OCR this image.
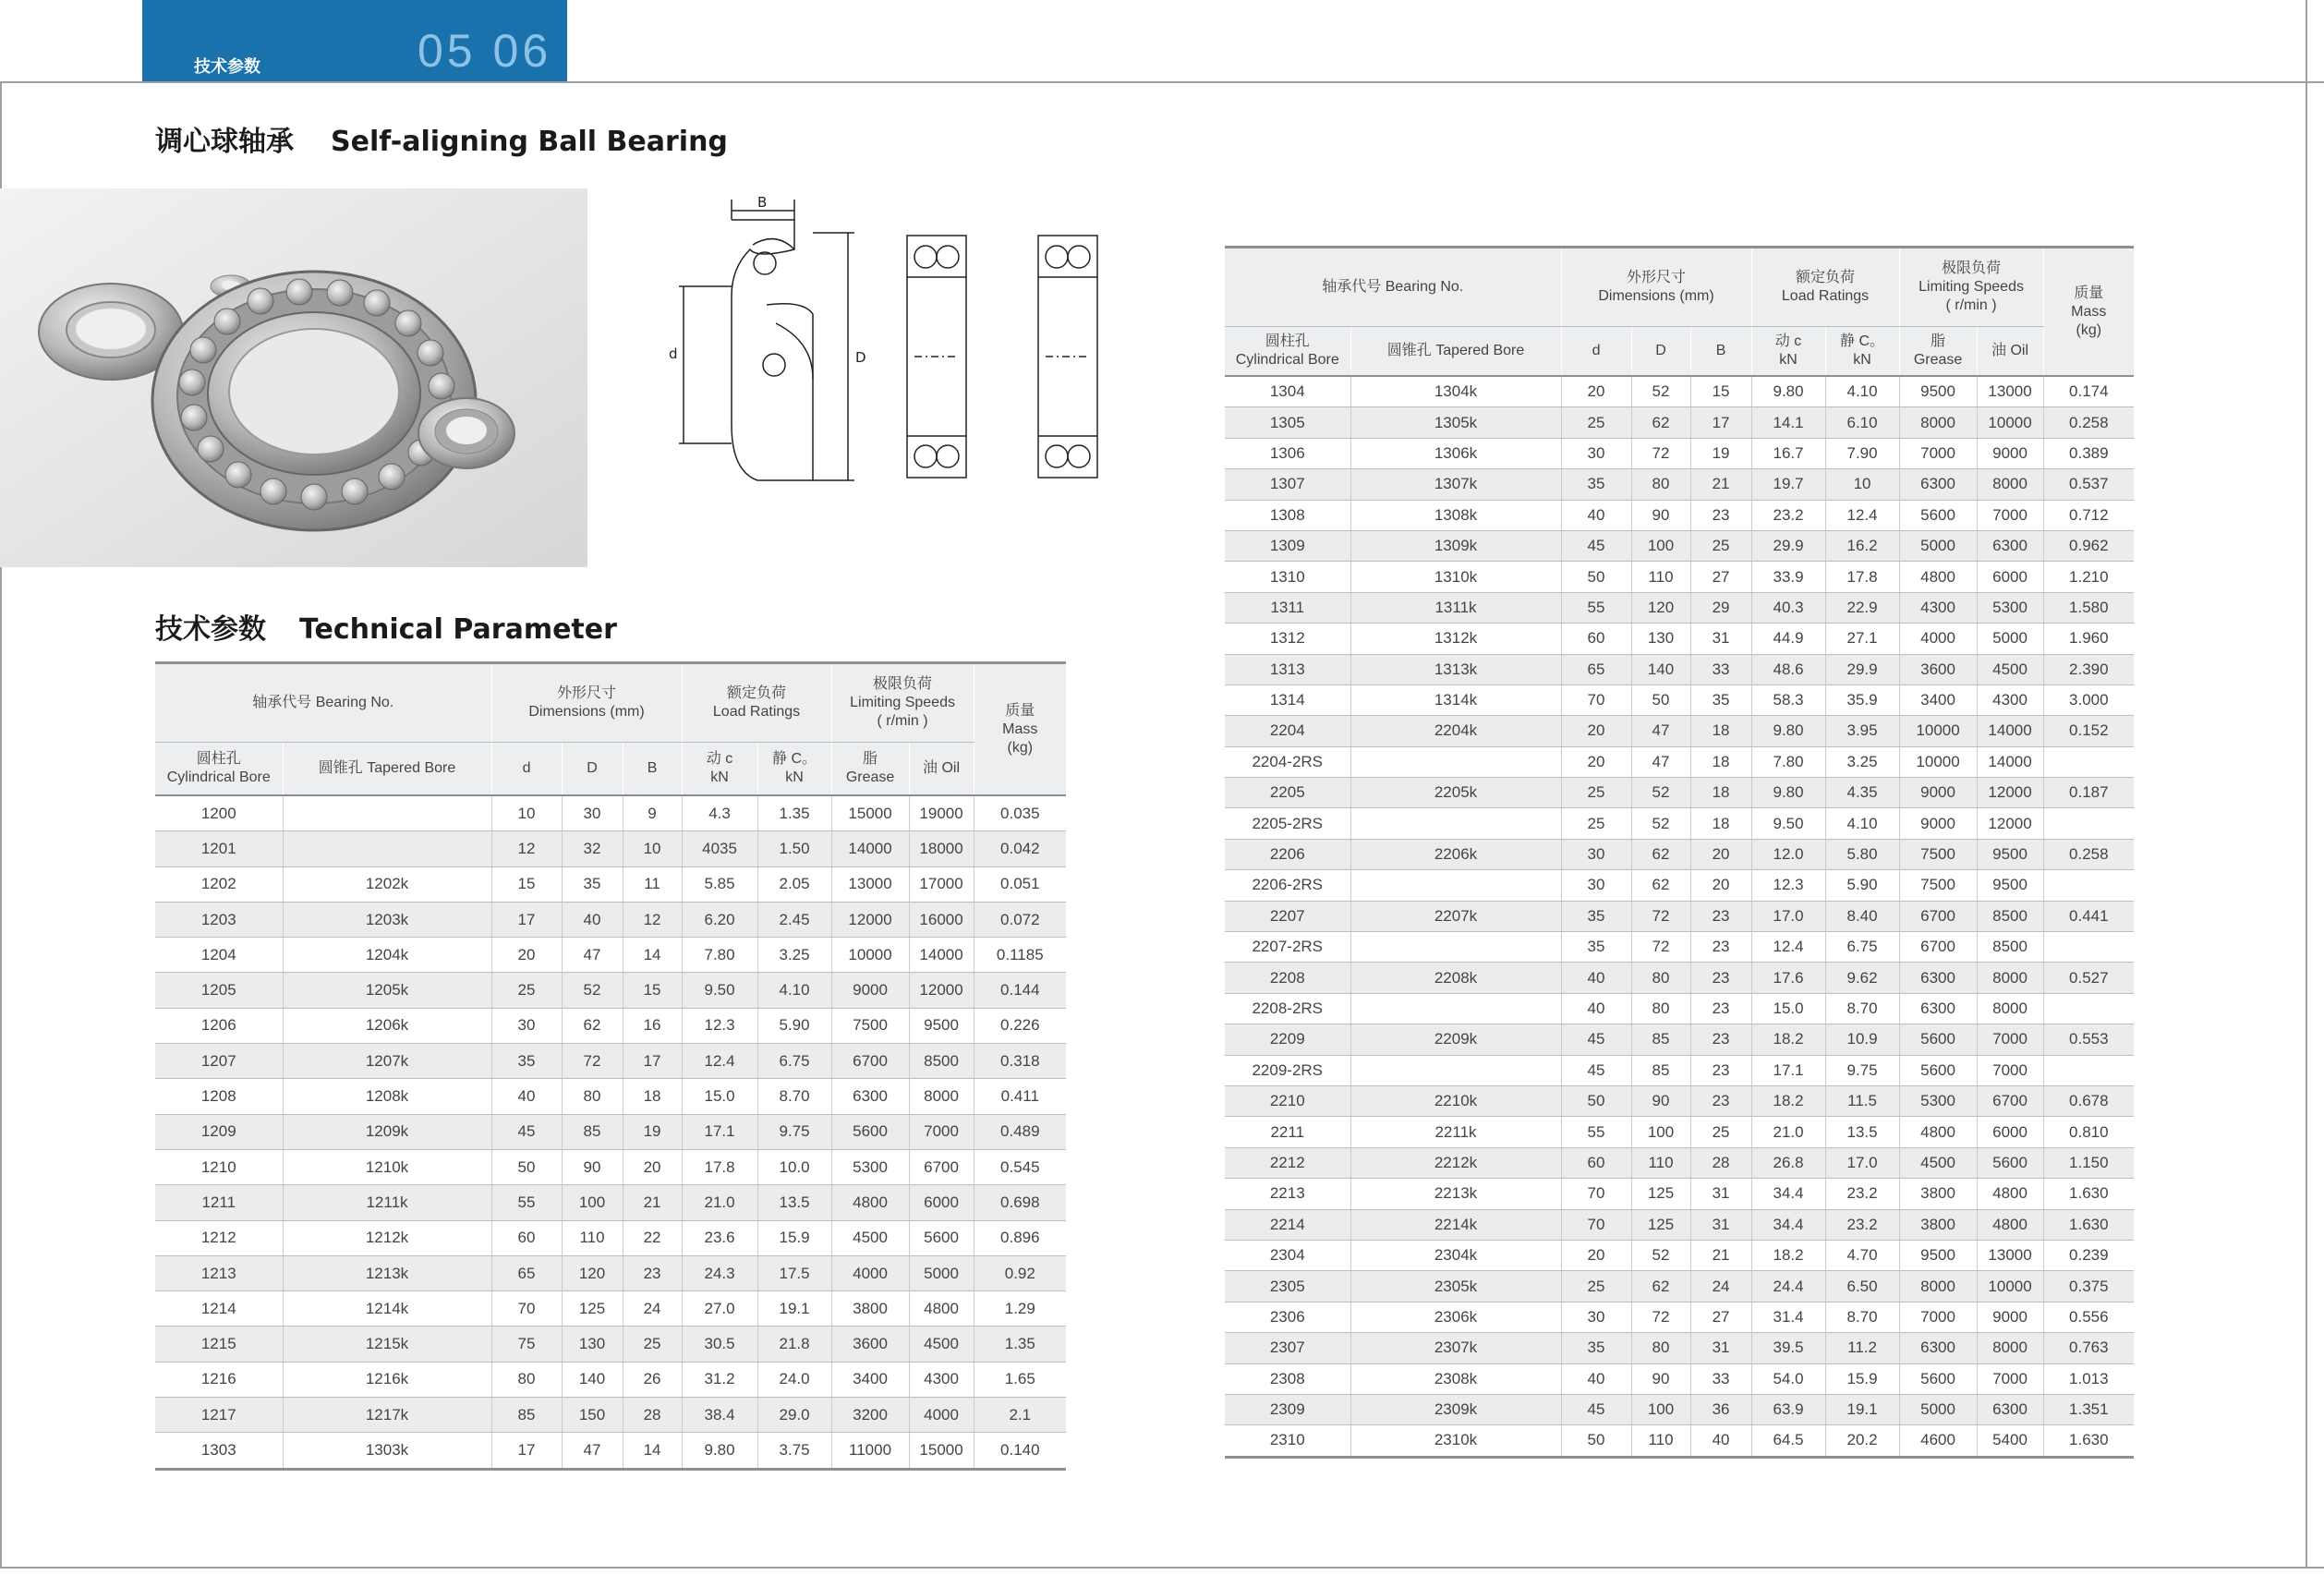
技术参数	05 06
调心球轴承 Self-aligning Ball Bearing
B
d	D
技术参数 Technical Parameter
轴承代号 Bearing No.		外形尺寸
Dimensions (mm)			额定负荷
Load Ratings		极限负荷
Limiting Speeds
( r/min )		质量
Mass
(kg)
圆柱孔
Cylindrical Bore	圆锥孔 Tapered Bore	d	D	B	动 c
kN	静 C。
kN	脂
Grease	油 Oil	
1200		10	30	9	4.3	1.35	15000	19000	0.035
1201		12	32	10	4035	1.50	14000	18000	0.042
1202	1202k	15	35	11	5.85	2.05	13000	17000	0.051
1203	1203k	17	40	12	6.20	2.45	12000	16000	0.072
1204	1204k	20	47	14	7.80	3.25	10000	14000	0.1185
1205	1205k	25	52	15	9.50	4.10	9000	12000	0.144
1206	1206k	30	62	16	12.3	5.90	7500	9500	0.226
1207	1207k	35	72	17	12.4	6.75	6700	8500	0.318
1208	1208k	40	80	18	15.0	8.70	6300	8000	0.411
1209	1209k	45	85	19	17.1	9.75	5600	7000	0.489
1210	1210k	50	90	20	17.8	10.0	5300	6700	0.545
1211	1211k	55	100	21	21.0	13.5	4800	6000	0.698
1212	1212k	60	110	22	23.6	15.9	4500	5600	0.896
1213	1213k	65	120	23	24.3	17.5	4000	5000	0.92
1214	1214k	70	125	24	27.0	19.1	3800	4800	1.29
1215	1215k	75	130	25	30.5	21.8	3600	4500	1.35
1216	1216k	80	140	26	31.2	24.0	3400	4300	1.65
1217	1217k	85	150	28	38.4	29.0	3200	4000	2.1
1303	1303k	17	47	14	9.80	3.75	11000	15000	0.140
轴承代号 Bearing No.		外形尺寸
Dimensions (mm)			额定负荷
Load Ratings		极限负荷
Limiting Speeds
( r/min )		质量
Mass
(kg)
圆柱孔
Cylindrical Bore	圆锥孔 Tapered Bore	d	D	B	动 c
kN	静 C。
kN	脂
Grease	油 Oil	
1304	1304k	20	52	15	9.80	4.10	9500	13000	0.174
1305	1305k	25	62	17	14.1	6.10	8000	10000	0.258
1306	1306k	30	72	19	16.7	7.90	7000	9000	0.389
1307	1307k	35	80	21	19.7	10	6300	8000	0.537
1308	1308k	40	90	23	23.2	12.4	5600	7000	0.712
1309	1309k	45	100	25	29.9	16.2	5000	6300	0.962
1310	1310k	50	110	27	33.9	17.8	4800	6000	1.210
1311	1311k	55	120	29	40.3	22.9	4300	5300	1.580
1312	1312k	60	130	31	44.9	27.1	4000	5000	1.960
1313	1313k	65	140	33	48.6	29.9	3600	4500	2.390
1314	1314k	70	50	35	58.3	35.9	3400	4300	3.000
2204	2204k	20	47	18	9.80	3.95	10000	14000	0.152
2204-2RS		20	47	18	7.80	3.25	10000	14000	
2205	2205k	25	52	18	9.80	4.35	9000	12000	0.187
2205-2RS		25	52	18	9.50	4.10	9000	12000	
2206	2206k	30	62	20	12.0	5.80	7500	9500	0.258
2206-2RS		30	62	20	12.3	5.90	7500	9500	
2207	2207k	35	72	23	17.0	8.40	6700	8500	0.441
2207-2RS		35	72	23	12.4	6.75	6700	8500	
2208	2208k	40	80	23	17.6	9.62	6300	8000	0.527
2208-2RS		40	80	23	15.0	8.70	6300	8000	
2209	2209k	45	85	23	18.2	10.9	5600	7000	0.553
2209-2RS		45	85	23	17.1	9.75	5600	7000	
2210	2210k	50	90	23	18.2	11.5	5300	6700	0.678
2211	2211k	55	100	25	21.0	13.5	4800	6000	0.810
2212	2212k	60	110	28	26.8	17.0	4500	5600	1.150
2213	2213k	70	125	31	34.4	23.2	3800	4800	1.630
2214	2214k	70	125	31	34.4	23.2	3800	4800	1.630
2304	2304k	20	52	21	18.2	4.70	9500	13000	0.239
2305	2305k	25	62	24	24.4	6.50	8000	10000	0.375
2306	2306k	30	72	27	31.4	8.70	7000	9000	0.556
2307	2307k	35	80	31	39.5	11.2	6300	8000	0.763
2308	2308k	40	90	33	54.0	15.9	5600	7000	1.013
2309	2309k	45	100	36	63.9	19.1	5000	6300	1.351
2310	2310k	50	110	40	64.5	20.2	4600	5400	1.630
